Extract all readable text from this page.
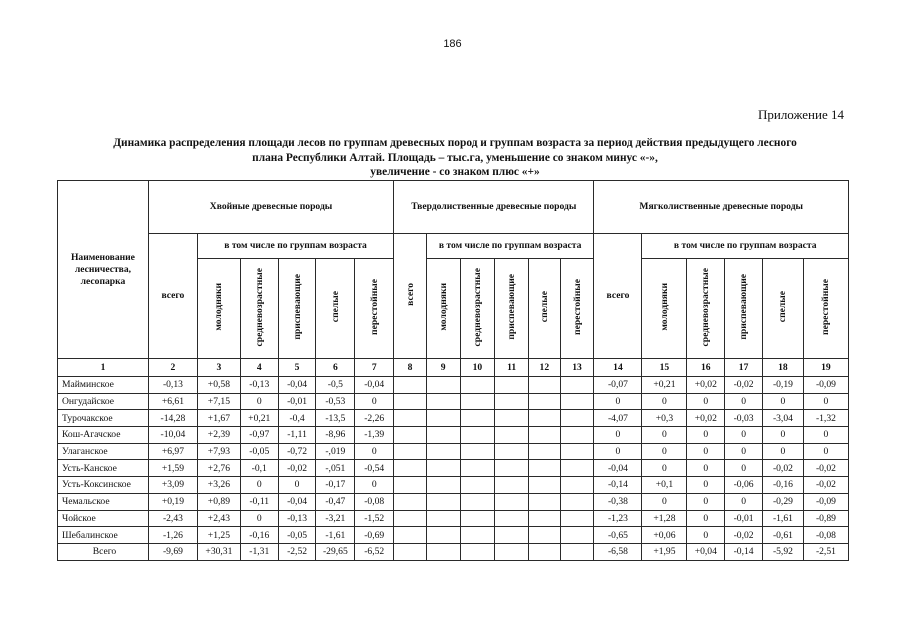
186
Приложение 14
Динамика распределения площади лесов по группам древесных пород и группам возраста за период действия предыдущего лесного
плана Республики Алтай. Площадь – тыс.га, уменьшение со знаком минус «-»,
увеличение - со знаком плюс «+»
Наименование лесничества, лесопарка	Хвойные древесные породы						Твердолиственные древесные породы						Мягколиственные древесные породы					
	всего	в том числе по группам возраста					всего	в том числе по группам возраста					всего	в том числе по группам возраста				
		молодняки	средневозрастные	приспевающие	спелые	перестойные		молодняки	средневозрастные	приспевающие	спелые	перестойные		молодняки	средневозрастные	приспевающие	спелые	перестойные
1	2	3	4	5	6	7	8	9	10	11	12	13	14	15	16	17	18	19
Майминское	-0,13	+0,58	-0,13	-0,04	-0,5	-0,04							-0,07	+0,21	+0,02	-0,02	-0,19	-0,09
Онгудайское	+6,61	+7,15	0	-0,01	-0,53	0							0	0	0	0	0	0
Турочакское	-14,28	+1,67	+0,21	-0,4	-13,5	-2,26							-4,07	+0,3	+0,02	-0,03	-3,04	-1,32
Кош-Агачское	-10,04	+2,39	-0,97	-1,11	-8,96	-1,39							0	0	0	0	0	0
Улаганское	+6,97	+7,93	-0,05	-0,72	-,019	0							0	0	0	0	0	0
Усть-Канское	+1,59	+2,76	-0,1	-0,02	-,051	-0,54							-0,04	0	0	0	-0,02	-0,02
Усть-Коксинское	+3,09	+3,26	0	0	-0,17	0							-0,14	+0,1	0	-0,06	-0,16	-0,02
Чемальское	+0,19	+0,89	-0,11	-0,04	-0,47	-0,08							-0,38	0	0	0	-0,29	-0,09
Чойское	-2,43	+2,43	0	-0,13	-3,21	-1,52							-1,23	+1,28	0	-0,01	-1,61	-0,89
Шебалинское	-1,26	+1,25	-0,16	-0,05	-1,61	-0,69							-0,65	+0,06	0	-0,02	-0,61	-0,08
Всего	-9,69	+30,31	-1,31	-2,52	-29,65	-6,52							-6,58	+1,95	+0,04	-0,14	-5,92	-2,51
